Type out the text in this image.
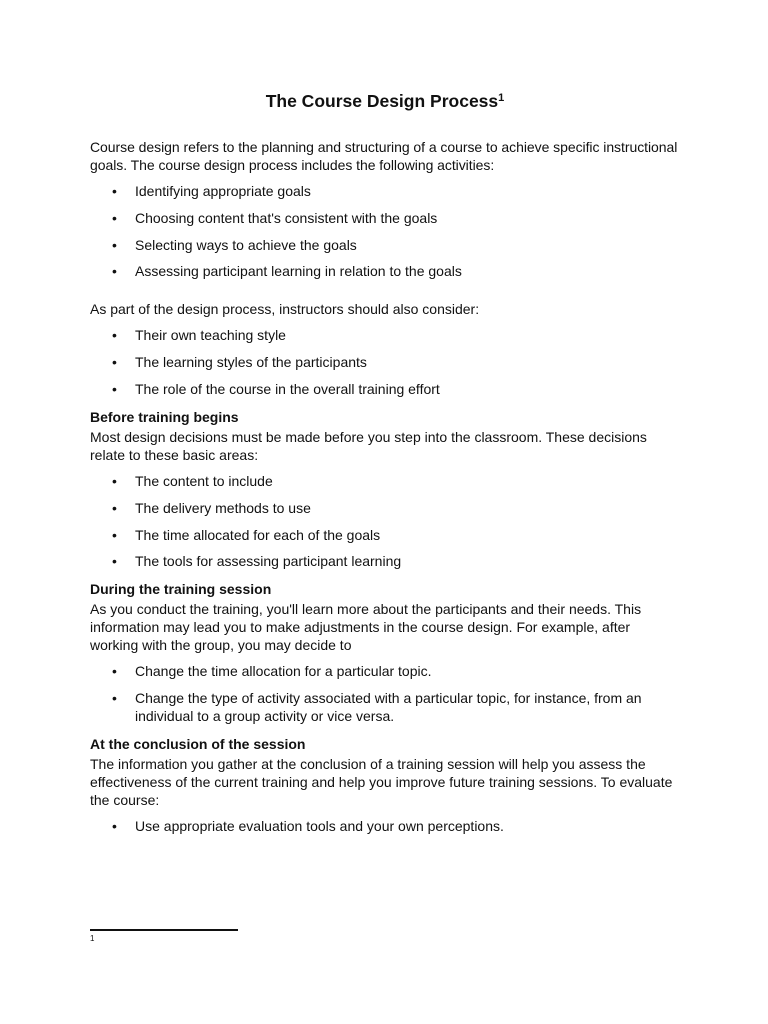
The Course Design Process$^1$

Course design refers to the planning and structuring of a course to achieve specific instructional goals. The course design process includes the following activities:

• Identifying appropriate goals
• Choosing content that's consistent with the goals
• Selecting ways to achieve the goals
• Assessing participant learning in relation to the goals

As part of the design process, instructors should also consider:

• Their own teaching style
• The learning styles of the participants
• The role of the course in the overall training effort
Before training begins

Most design decisions must be made before you step into the classroom. These decisions relate to these basic areas:

• The content to include
• The delivery methods to use
• The time allocated for each of the goals
• The tools for assessing participant learning
During the training session

As you conduct the training, you'll learn more about the participants and their needs. This information may lead you to make adjustments in the course design. For example, after working with the group, you may decide to

• Change the time allocation for a particular topic.
• Change the type of activity associated with a particular topic, for instance, from an individual to a group activity or vice versa.
At the conclusion of the session

The information you gather at the conclusion of a training session will help you assess the effectiveness of the current training and help you improve future training sessions. To evaluate the course:

• Use appropriate evaluation tools and your own perceptions.
1
